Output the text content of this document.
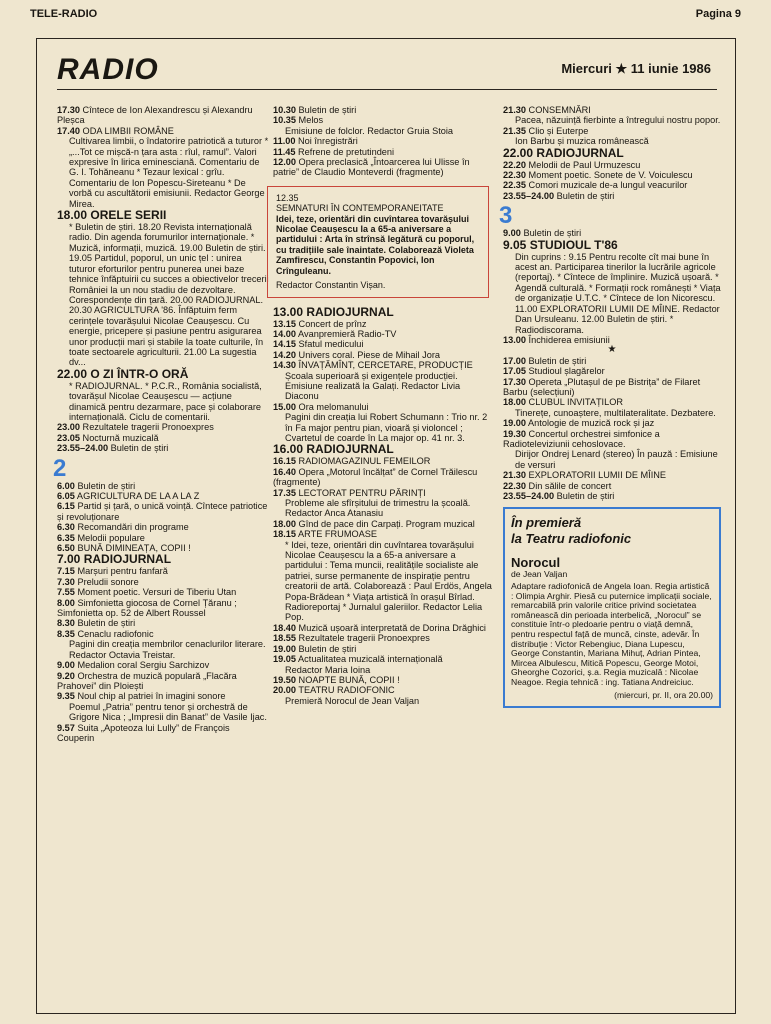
TELE-RADIO	Pagina 9
RADIO	Miercuri ★ 11 iunie 1986
17.30 Cîntece de Ion Alexandrescu și Alexandru Pleșca
17.40 ODA LIMBII ROMÂNE
Cultivarea limbii, o îndatorire patriotică a tuturor * „...Tot ce mișcă-n țara asta : rîul, ramul”. Valori expresive în lirica eminesciană. Comentariu de G. I. Tohăneanu * Tezaur lexical : grîu. Comentariu de Ion Popescu-Sireteanu * De vorbă cu ascultătorii emisiunii. Redactor George Mirea.
18.00 ORELE SERII
* Buletin de știri. 18.20 Revista internațională radio. Din agenda forumurilor internaționale. * Muzică, informații, muzică. 19.00 Buletin de știri. 19.05 Partidul, poporul, un unic țel : unirea tuturor eforturilor pentru punerea unei baze tehnice înfăptuirii cu succes a obiectivelor trecerii României la un nou stadiu de dezvoltare. Corespondențe din țară. 20.00 RADIOJURNAL. 20.30 AGRICULTURA '86. Înfăptuim ferm cerințele tovarășului Nicolae Ceaușescu. Cu energie, pricepere și pasiune pentru asigurarea unor producții mari și stabile la toate culturile, în toate sectoarele agriculturii. 21.00 La sugestia dv...
22.00 O ZI ÎNTR-O ORĂ
* RADIOJURNAL. * P.C.R., România socialistă, tovarășul Nicolae Ceaușescu — acțiune dinamică pentru dezarmare, pace și colaborare internațională. Ciclu de comentarii.
23.00 Rezultatele tragerii Pronoexpres
23.05 Nocturnă muzicală
23.55–24.00 Buletin de știri
2
6.00 Buletin de știri
6.05 AGRICULTURA DE LA A LA Z
6.15 Partid și țară, o unică voință. Cîntece patriotice și revoluționare
6.30 Recomandări din programe
6.35 Melodii populare
6.50 BUNĂ DIMINEAȚA, COPII !
7.00 RADIOJURNAL
7.15 Marșuri pentru fanfară
7.30 Preludii sonore
7.55 Moment poetic. Versuri de Tiberiu Utan
8.00 Simfonietta giocosa de Cornel Țăranu ; Simfonietta op. 52 de Albert Roussel
8.30 Buletin de știri
8.35 Cenaclu radiofonic
Pagini din creația membrilor cenaclurilor literare. Redactor Octavia Treistar.
9.00 Medalion coral Sergiu Sarchizov
9.20 Orchestra de muzică populară „Flacăra Prahovei” din Ploiești
9.35 Noul chip al patriei în imagini sonore
Poemul „Patria” pentru tenor și orchestră de Grigore Nica ; „Impresii din Banat” de Vasile Ijac.
9.57 Suita „Apoteoza lui Lully” de François Couperin
10.30 Buletin de știri
10.35 Melos
Emisiune de folclor. Redactor Gruia Stoia
11.00 Noi înregistrări
11.45 Refrene de pretutindeni
12.00 Opera preclasică „Întoarcerea lui Ulisse în patrie” de Claudio Monteverdi (fragmente)
12.35
SEMNATURI ÎN CONTEMPORANEITATE
Idei, teze, orientări din cuvîntarea tovarășului Nicolae Ceaușescu la a 65-a aniversare a partidului : Arta în strînsă legătură cu poporul, cu tradițiile sale înaintate. Colaborează Violeta Zamfirescu, Constantin Popovici, Ion Crînguleanu.
Redactor Constantin Vișan.
13.00 RADIOJURNAL
13.15 Concert de prînz
14.00 Avanpremieră Radio-TV
14.15 Sfatul medicului
14.20 Univers coral. Piese de Mihail Jora
14.30 ÎNVAȚĂMÎNT, CERCETARE, PRODUCȚIE
Școala superioară și exigențele producției. Emisiune realizată la Galați. Redactor Livia Diaconu
15.00 Ora melomanului
Pagini din creația lui Robert Schumann : Trio nr. 2 în Fa major pentru pian, vioară și violoncel ; Cvartetul de coarde în La major op. 41 nr. 3.
16.00 RADIOJURNAL
16.15 RADIOMAGAZINUL FEMEILOR
16.40 Opera „Motorul încălțat” de Cornel Trăilescu (fragmente)
17.35 LECTORAT PENTRU PĂRINȚI
Probleme ale sfîrșitului de trimestru la școală. Redactor Anca Atanasiu
18.00 Gînd de pace din Carpați. Program muzical
18.15 ARTE FRUMOASE
* Idei, teze, orientări din cuvîntarea tovarășului Nicolae Ceaușescu la a 65-a aniversare a partidului : Tema muncii, realitățile socialiste ale patriei, surse permanente de inspirație pentru creatorii de artă. Colaborează : Paul Erdös, Angela Popa-Brădean * Viața artistică în orașul Bîrlad. Radioreportaj * Jurnalul galeriilor. Redactor Lelia Pop.
18.40 Muzică ușoară interpretată de Dorina Drăghici
18.55 Rezultatele tragerii Pronoexpres
19.00 Buletin de știri
19.05 Actualitatea muzicală internațională
Redactor Maria Ioina
19.50 NOAPTE BUNĂ, COPII !
20.00 TEATRU RADIOFONIC
Premieră Norocul de Jean Valjan
21.30 CONSEMNĂRI
Pacea, năzuință fierbinte a întregului nostru popor.
21.35 Clio și Euterpe
Ion Barbu și muzica românească
22.00 RADIOJURNAL
22.20 Melodii de Paul Urmuzescu
22.30 Moment poetic. Sonete de V. Voiculescu
22.35 Comori muzicale de-a lungul veacurilor
23.55–24.00 Buletin de știri
3
9.00 Buletin de știri
9.05 STUDIOUL T'86
Din cuprins : 9.15 Pentru recolte cît mai bune în acest an. Participarea tinerilor la lucrările agricole (reportaj). * Cîntece de împlinire. Muzică ușoară. * Agendă culturală. * Formații rock românești * Viața de organizație U.T.C. * Cîntece de Ion Nicorescu. 11.00 EXPLORATORII LUMII DE MÎINE. Redactor Dan Ursuleanu. 12.00 Buletin de știri. * Radiodiscorama.
13.00 Închiderea emisiunii
★
17.00 Buletin de știri
17.05 Studioul șlagărelor
17.30 Opereta „Plutașul de pe Bistrița” de Filaret Barbu (selecțiuni)
18.00 CLUBUL INVITAȚILOR
Tinerețe, cunoaștere, multilateralitate. Dezbatere.
19.00 Antologie de muzică rock și jaz
19.30 Concertul orchestrei simfonice a Radioteleviziunii cehoslovace.
Dirijor Ondrej Lenard (stereo) În pauză : Emisiune de versuri
21.30 EXPLORATORII LUMII DE MÎINE
22.30 Din sălile de concert
23.55–24.00 Buletin de știri
În premieră
la Teatru radiofonic
Norocul
de Jean Valjan
Adaptare radiofonică de Angela Ioan. Regia artistică : Olimpia Arghir. Piesă cu puternice implicații sociale, remarcabilă prin valorile critice privind societatea românească din perioada interbelică, „Norocul” se constituie într-o pledoarie pentru o viață demnă, pentru respectul față de muncă, cinste, adevăr. În distribuție : Victor Rebengiuc, Diana Lupescu, George Constantin, Mariana Mihuț, Adrian Pintea, Mircea Albulescu, Mitică Popescu, George Motoi, Gheorghe Cozorici, ș.a. Regia muzicală : Nicolae Neagoe. Regia tehnică : ing. Tatiana Andreiciuc.
(miercuri, pr. II, ora 20.00)
